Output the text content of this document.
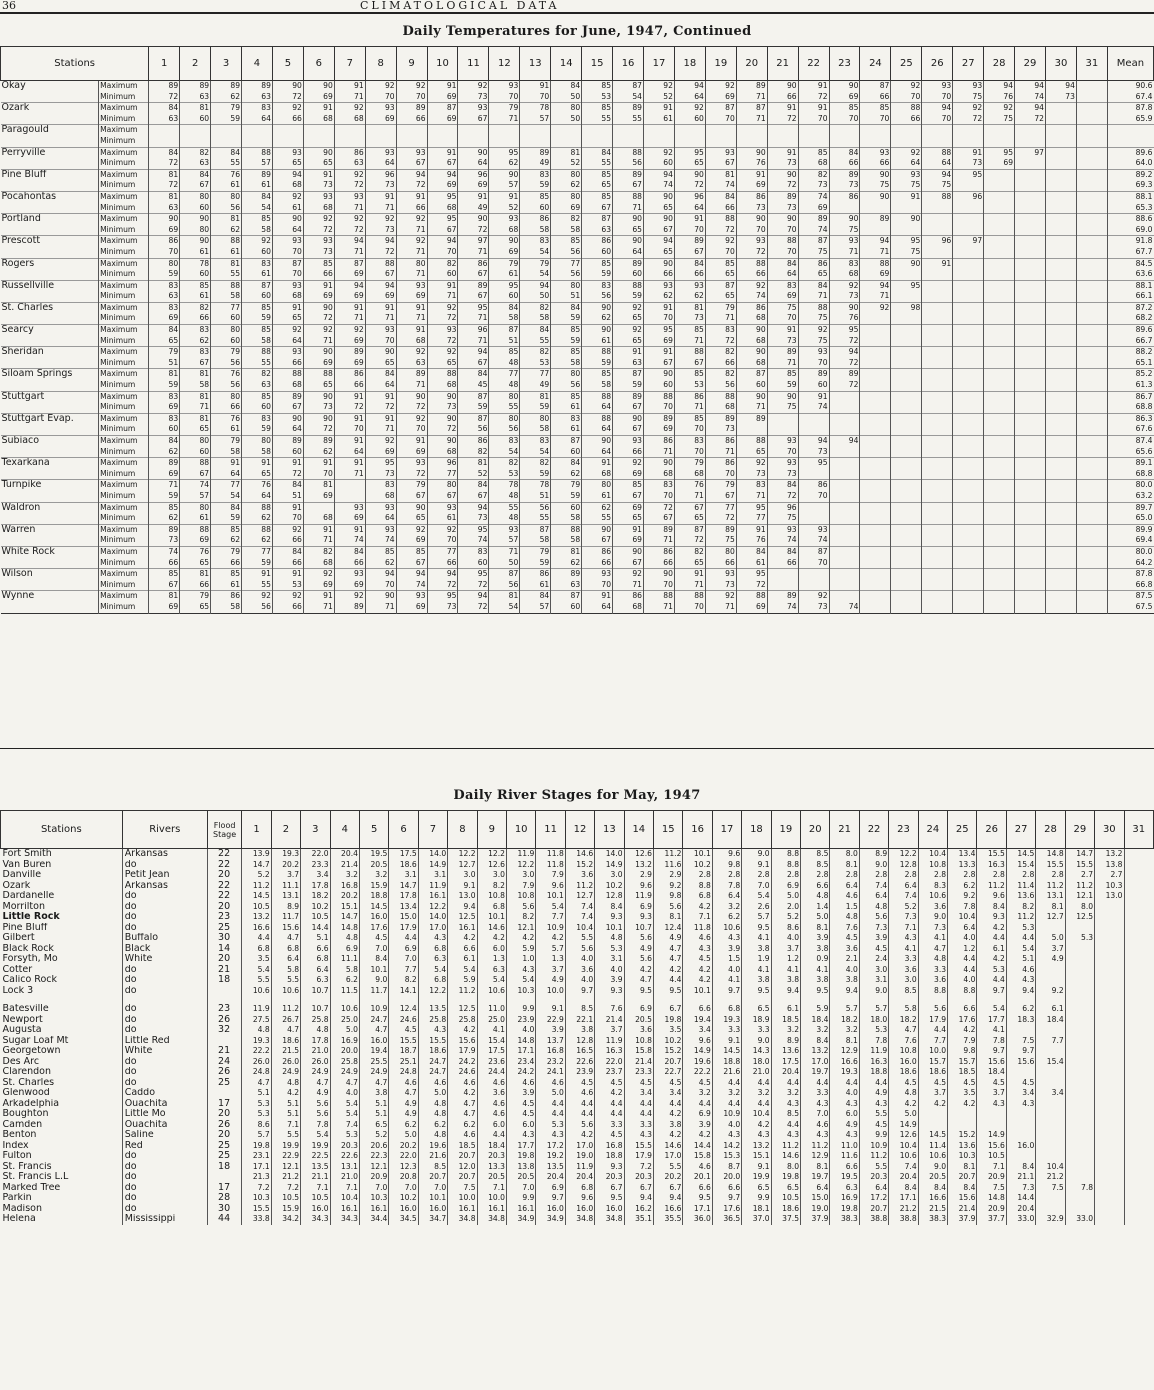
36	CLIMATOLOGICAL DATA
Daily Temperatures for June, 1947, Continued
Stations		1	2	3	4	5	6	7	8	9	10	11	12	13	14	15	16	17	18	19	20	21	22	23	24	25	26	27	28	29	30	31	Mean
Okay	Maximum	89	89	89	89	90	90	91	92	92	91	92	93	91	84	85	87	92	94	92	89	90	91	90	87	92	93	93	94	94	94		90.6
	Minimum	72	63	62	63	72	69	71	70	70	69	73	70	70	50	53	54	52	64	69	71	66	72	69	66	70	70	75	76	74	73		67.4
Ozark	Maximum	84	81	79	83	92	91	92	93	89	87	93	79	78	80	85	89	91	92	87	87	91	91	85	85	88	94	92	92	94			87.8
	Minimum	63	60	59	64	66	68	68	69	66	69	67	71	57	50	55	55	61	60	70	71	72	70	70	70	66	70	72	75	72			65.9
Paragould	Maximum																																
	Minimum																																
Perryville	Maximum	84	82	84	88	93	90	86	93	93	91	90	95	89	81	84	88	92	95	93	90	91	85	84	93	92	88	91	95	97			89.6
	Minimum	72	63	55	57	65	65	63	64	67	67	64	62	49	52	55	56	60	65	67	76	73	68	66	66	64	64	73	69				64.0
Pine Bluff	Maximum	81	84	76	89	94	91	92	96	94	94	96	90	83	80	85	89	94	90	81	91	90	82	89	90	93	94	95					89.2
	Minimum	72	67	61	61	68	73	72	73	72	69	69	57	59	62	65	67	74	72	74	69	72	73	73	75	75	75						69.3
Pocahontas	Maximum	81	80	80	84	92	93	93	91	91	95	91	91	85	80	85	88	90	96	84	86	89	74	86	90	91	88	96					88.1
	Minimum	63	60	56	54	61	68	71	71	66	68	49	52	60	69	67	71	65	64	66	73	73	69										65.3
Portland	Maximum	90	90	81	85	90	92	92	92	92	95	90	93	86	82	87	90	90	91	88	90	90	89	90	89	90							88.6
	Minimum	69	80	62	58	64	72	72	73	71	67	72	68	58	58	63	65	67	70	72	70	70	74	75									69.0
Prescott	Maximum	86	90	88	92	93	93	94	94	92	94	97	90	83	85	86	90	94	89	92	93	88	87	93	94	95	96	97					91.8
	Minimum	70	61	61	60	70	73	71	72	71	70	71	69	54	56	60	64	65	67	70	72	70	75	71	71	75							67.7
Rogers	Maximum	80	78	81	83	87	85	87	88	80	82	86	79	79	77	85	89	90	84	85	88	84	86	83	88	90	91						84.5
	Minimum	59	60	55	61	70	66	69	67	71	60	67	61	54	56	59	60	66	66	65	66	64	65	68	69								63.6
Russellville	Maximum	83	85	88	87	93	91	94	94	93	91	89	95	94	80	83	88	93	93	87	92	83	84	92	94	95							88.1
	Minimum	63	61	58	60	68	69	69	69	69	71	67	60	50	51	56	59	62	62	65	74	69	71	73	71								66.1
St. Charles	Maximum	83	82	77	85	91	90	91	91	91	92	95	84	82	84	90	92	91	81	79	86	75	88	90	92	98							87.2
	Minimum	69	66	60	59	65	72	71	71	71	72	71	58	58	59	62	65	70	73	71	68	70	75	76									68.2
Searcy	Maximum	84	83	80	85	92	92	92	93	91	93	96	87	84	85	90	92	95	85	83	90	91	92	95									89.6
	Minimum	65	62	60	58	64	71	69	70	68	72	71	51	55	59	61	65	69	71	72	68	73	75	72									66.7
Sheridan	Maximum	79	83	79	88	93	90	89	90	92	92	94	85	82	85	88	91	91	88	82	90	89	93	94									88.2
	Minimum	51	67	56	55	66	69	69	65	63	65	67	48	53	58	59	63	67	67	66	68	71	70	72									65.1
Siloam Springs	Maximum	81	81	76	82	88	88	86	84	89	88	84	77	77	80	85	87	90	85	82	87	85	89	89									85.2
	Minimum	59	58	56	63	68	65	66	64	71	68	45	48	49	56	58	59	60	53	56	60	59	60	72									61.3
Stuttgart	Maximum	83	81	80	85	89	90	91	91	90	90	87	80	81	85	88	89	88	86	88	90	90	91										86.7
	Minimum	69	71	66	60	67	73	72	72	72	73	59	55	59	61	64	67	70	71	68	71	75	74										68.8
Stuttgart Evap.	Maximum	83	81	76	83	90	90	91	91	92	90	87	80	80	83	88	90	89	85	89	89												86.3
	Minimum	60	65	61	59	64	72	70	71	70	72	56	56	58	61	64	67	69	70	73													67.6
Subiaco	Maximum	84	80	79	80	89	89	91	92	91	90	86	83	83	87	90	93	86	83	86	88	93	94	94									87.4
	Minimum	62	60	58	58	60	62	64	69	69	68	82	54	54	60	64	66	71	70	71	65	70	73										65.6
Texarkana	Maximum	89	88	91	91	91	91	91	95	93	96	81	82	82	84	91	92	90	79	86	92	93	95										89.1
	Minimum	69	67	64	65	72	70	71	73	72	77	52	53	59	62	68	69	68	68	70	73	73											68.8
Turnpike	Maximum	71	74	77	76	84	81		83	79	80	84	78	78	79	80	85	83	76	79	83	84	86										80.0
	Minimum	59	57	54	64	51	69		68	67	67	67	48	51	59	61	67	70	71	67	71	72	70										63.2
Waldron	Maximum	85	80	84	88	91		93	93	90	93	94	55	56	60	62	69	72	67	77	95	96											89.7
	Minimum	62	61	59	62	70	68	69	64	65	61	73	48	55	58	55	65	67	65	72	77	75											65.0
Warren	Maximum	89	88	85	88	92	91	91	93	92	92	95	93	87	88	90	91	89	87	89	91	93	93										89.9
	Minimum	73	69	62	62	66	71	74	74	69	70	74	57	58	58	67	69	71	72	75	76	74	74										69.4
White Rock	Maximum	74	76	79	77	84	82	84	85	85	77	83	71	79	81	86	90	86	82	80	84	84	87										80.0
	Minimum	66	65	66	59	66	68	66	62	67	66	60	50	59	62	66	67	66	65	66	61	66	70										64.2
Wilson	Maximum	85	81	85	91	91	92	93	94	94	94	95	87	86	89	93	92	90	91	93	95												87.8
	Minimum	67	66	61	55	53	69	69	70	74	72	72	56	61	63	70	71	70	71	73	72												66.8
Wynne	Maximum	81	79	86	92	92	91	92	90	93	95	94	81	84	87	91	86	88	88	92	88	89	92										87.5
	Minimum	69	65	58	56	66	71	89	71	69	73	72	54	57	60	64	68	71	70	71	69	74	73	74									67.5
Daily River Stages for May, 1947
Stations	Rivers	Flood Stage	1	2	3	4	5	6	7	8	9	10	11	12	13	14	15	16	17	18	19	20	21	22	23	24	25	26	27	28	29	30	31
Fort Smith	Arkansas	22	13.9	19.3	22.0	20.4	19.5	17.5	14.0	12.2	12.2	11.9	11.8	14.6	14.0	12.6	11.2	10.1	9.6	9.0	8.8	8.5	8.0	8.9	12.2	10.4	13.4	15.5	14.5	14.8	14.7	13.2	
Van Buren	do	22	14.7	20.2	23.3	21.4	20.5	18.6	14.9	12.7	12.6	12.2	11.8	15.2	14.9	13.2	11.6	10.2	9.8	9.1	8.8	8.5	8.1	9.0	12.8	10.8	13.3	16.3	15.4	15.5	15.5	13.8	
Danville	Petit Jean	20	5.2	3.7	3.4	3.2	3.2	3.1	3.1	3.0	3.0	3.0	7.9	3.6	3.0	2.9	2.9	2.8	2.8	2.8	2.8	2.8	2.8	2.8	2.8	2.8	2.8	2.8	2.8	2.8	2.7	2.7	
Ozark	Arkansas	22	11.2	11.1	17.8	16.8	15.9	14.7	11.9	9.1	8.2	7.9	9.6	11.2	10.2	9.6	9.2	8.8	7.8	7.0	6.9	6.6	6.4	7.4	6.4	8.3	6.2	11.2	11.4	11.2	11.2	10.3	
Dardanelle	do	22	14.5	13.1	18.2	20.2	18.8	17.8	16.1	13.0	10.8	10.8	10.1	12.7	12.8	11.9	9.8	6.8	6.4	5.4	5.0	4.8	4.6	6.4	7.4	10.6	9.2	9.6	13.6	13.1	12.1	13.0	
Morrilton	do	20	10.5	8.9	10.2	15.1	14.5	13.4	12.2	9.4	6.8	5.6	5.4	7.4	8.4	6.9	5.6	4.2	3.2	2.6	2.0	1.4	1.5	4.8	5.2	3.6	7.8	8.4	8.2	8.1	8.0		
Little Rock	do	23	13.2	11.7	10.5	14.7	16.0	15.0	14.0	12.5	10.1	8.2	7.7	7.4	9.3	9.3	8.1	7.1	6.2	5.7	5.2	5.0	4.8	5.6	7.3	9.0	10.4	9.3	11.2	12.7	12.5		
Pine Bluff	do	25	16.6	15.6	14.4	14.8	17.6	17.9	17.0	16.1	14.6	12.1	10.9	10.4	10.1	10.7	12.4	11.8	10.6	9.5	8.6	8.1	7.6	7.3	7.1	7.3	6.4	4.2	5.3				
Gilbert	Buffalo	30	4.4	4.7	5.1	4.8	4.5	4.4	4.3	4.2	4.2	4.2	4.2	5.5	4.8	5.6	4.9	4.6	4.3	4.1	4.0	3.9	4.5	3.9	4.3	4.1	4.0	4.4	4.4	5.0	5.3		
Black Rock	Black	14	6.8	6.8	6.6	6.9	7.0	6.9	6.8	6.6	6.0	5.9	5.7	5.6	5.3	4.9	4.7	4.3	3.9	3.8	3.7	3.8	3.6	4.5	4.1	4.7	1.2	6.1	5.4	3.7			
Forsyth, Mo	White	20	3.5	6.4	6.8	11.1	8.4	7.0	6.3	6.1	1.3	1.0	1.3	4.0	3.1	5.6	4.7	4.5	1.5	1.9	1.2	0.9	2.1	2.4	3.3	4.8	4.4	4.2	5.1	4.9			
Cotter	do	21	5.4	5.8	6.4	5.8	10.1	7.7	5.4	5.4	6.3	4.3	3.7	3.6	4.0	4.2	4.2	4.2	4.0	4.1	4.1	4.1	4.0	3.0	3.6	3.3	4.4	5.3	4.6				
Calico Rock	do	18	5.5	5.5	6.3	6.2	9.0	8.2	6.8	5.9	5.4	5.4	4.9	4.0	3.9	4.7	4.4	4.2	4.1	3.8	3.8	3.8	3.8	3.1	3.0	3.6	4.0	4.4	4.3				
Lock 3	do		10.6	10.6	10.7	11.5	11.7	14.1	12.2	11.2	10.6	10.3	10.0	9.7	9.3	9.5	9.5	10.1	9.7	9.5	9.4	9.5	9.4	9.0	8.5	8.8	8.8	9.7	9.4	9.2			

Batesville	do	23	11.9	11.2	10.7	10.6	10.9	12.4	13.5	12.5	11.0	9.9	9.1	8.5	7.6	6.9	6.7	6.6	6.8	6.5	6.1	5.9	5.7	5.7	5.8	5.6	6.6	5.4	6.2	6.1			
Newport	do	26	27.5	26.7	25.8	25.0	24.7	24.6	25.8	25.8	25.0	23.9	22.9	22.1	21.4	20.5	19.8	19.4	19.3	18.9	18.5	18.4	18.2	18.0	18.2	17.9	17.6	17.7	18.3	18.4			
Augusta	do	32	4.8	4.7	4.8	5.0	4.7	4.5	4.3	4.2	4.1	4.0	3.9	3.8	3.7	3.6	3.5	3.4	3.3	3.3	3.2	3.2	3.2	5.3	4.7	4.4	4.2	4.1					
Sugar Loaf Mt	Little Red		19.3	18.6	17.8	16.9	16.0	15.5	15.5	15.6	15.4	14.8	13.7	12.8	11.9	10.8	10.2	9.6	9.1	9.0	8.9	8.4	8.1	7.8	7.6	7.7	7.9	7.8	7.5	7.7			
Georgetown	White	21	22.2	21.5	21.0	20.0	19.4	18.7	18.6	17.9	17.5	17.1	16.8	16.5	16.3	15.8	15.2	14.9	14.5	14.3	13.6	13.2	12.9	11.9	10.8	10.0	9.8	9.7	9.7				
Des Arc	do	24	26.0	26.0	26.0	25.8	25.5	25.1	24.7	24.2	23.6	23.4	23.2	22.6	22.0	21.4	20.7	19.6	18.8	18.0	17.5	17.0	16.6	16.3	16.0	15.7	15.7	15.6	15.6	15.4			
Clarendon	do	26	24.8	24.9	24.9	24.9	24.9	24.8	24.7	24.6	24.4	24.2	24.1	23.9	23.7	23.3	22.7	22.2	21.6	21.0	20.4	19.7	19.3	18.8	18.6	18.6	18.5	18.4					
St. Charles	do	25	4.7	4.8	4.7	4.7	4.7	4.6	4.6	4.6	4.6	4.6	4.6	4.5	4.5	4.5	4.5	4.5	4.4	4.4	4.4	4.4	4.4	4.4	4.5	4.5	4.5	4.5	4.5				
Glenwood	Caddo		5.1	4.2	4.9	4.0	3.8	4.7	5.0	4.2	3.6	3.9	5.0	4.6	4.2	3.4	3.4	3.2	3.2	3.2	3.2	3.3	4.0	4.9	4.8	3.7	3.5	3.7	3.4	3.4			
Arkadelphia	Ouachita	17	5.3	5.1	5.6	5.4	5.1	4.9	4.8	4.7	4.6	4.5	4.4	4.4	4.4	4.4	4.4	4.4	4.4	4.4	4.3	4.3	4.3	4.3	4.2	4.2	4.2	4.3	4.3				
Boughton	Little Mo	20	5.3	5.1	5.6	5.4	5.1	4.9	4.8	4.7	4.6	4.5	4.4	4.4	4.4	4.4	4.2	6.9	10.9	10.4	8.5	7.0	6.0	5.5	5.0								
Camden	Ouachita	26	8.6	7.1	7.8	7.4	6.5	6.2	6.2	6.2	6.0	6.0	5.3	5.6	3.3	3.3	3.8	3.9	4.0	4.2	4.4	4.6	4.9	4.5	14.9								
Benton	Saline	20	5.7	5.5	5.4	5.3	5.2	5.0	4.8	4.6	4.4	4.3	4.3	4.2	4.5	4.3	4.2	4.2	4.3	4.3	4.3	4.3	4.3	9.9	12.6	14.5	15.2	14.9					
Index	Red	25	19.8	19.9	19.9	20.3	20.6	20.2	19.6	18.5	18.4	17.7	17.2	17.0	16.8	15.5	14.6	14.4	14.2	13.2	11.2	11.2	11.0	10.9	10.4	11.4	13.6	15.6	16.0				
Fulton	do	25	23.1	22.9	22.5	22.6	22.3	22.0	21.6	20.7	20.3	19.8	19.2	19.0	18.8	17.9	17.0	15.8	15.3	15.1	14.6	12.9	11.6	11.2	10.6	10.6	10.3	10.5					
St. Francis	do	18	17.1	12.1	13.5	13.1	12.1	12.3	8.5	12.0	13.3	13.8	13.5	11.9	9.3	7.2	5.5	4.6	8.7	9.1	8.0	8.1	6.6	5.5	7.4	9.0	8.1	7.1	8.4	10.4			
St. Francis L.L	do		21.3	21.2	21.1	21.0	20.9	20.8	20.7	20.7	20.5	20.5	20.4	20.4	20.3	20.3	20.2	20.1	20.0	19.9	19.8	19.7	19.5	20.3	20.4	20.5	20.7	20.9	21.1	21.2			
Marked Tree	do	17	7.2	7.2	7.1	7.1	7.0	7.0	7.0	7.5	7.1	7.0	6.9	6.8	6.7	6.7	6.7	6.6	6.6	6.5	6.5	6.4	6.3	6.4	8.4	8.4	8.4	7.5	7.3	7.5	7.8		
Parkin	do	28	10.3	10.5	10.5	10.4	10.3	10.2	10.1	10.0	10.0	9.9	9.7	9.6	9.5	9.4	9.4	9.5	9.7	9.9	10.5	15.0	16.9	17.2	17.1	16.6	15.6	14.8	14.4				
Madison	do	30	15.5	15.9	16.0	16.1	16.1	16.0	16.0	16.1	16.1	16.1	16.0	16.0	16.0	16.2	16.6	17.1	17.6	18.1	18.6	19.0	19.8	20.7	21.2	21.5	21.4	20.9	20.4				
Helena	Mississippi	44	33.8	34.2	34.3	34.3	34.4	34.5	34.7	34.8	34.8	34.9	34.9	34.8	34.8	35.1	35.5	36.0	36.5	37.0	37.5	37.9	38.3	38.8	38.8	38.3	37.9	37.7	33.0	32.9	33.0		
